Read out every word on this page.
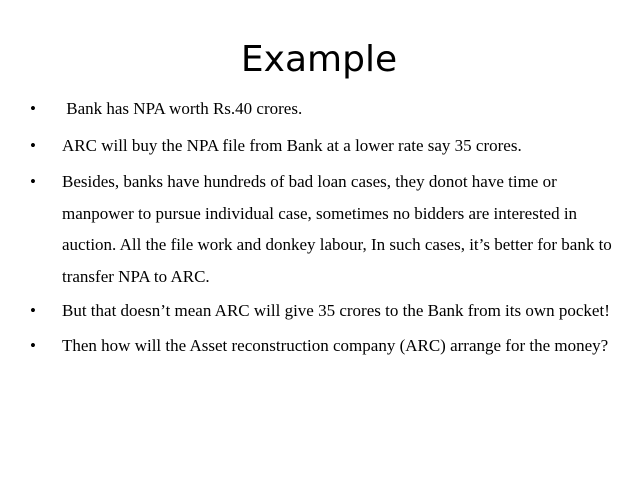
Example
•	Bank has NPA worth Rs.40 crores.
•	ARC will buy the NPA file from Bank at a lower rate say 35 crores.
•	Besides, banks have hundreds of bad loan cases, they donot have time or manpower to pursue individual case, sometimes no bidders are interested in auction. All the file work and donkey labour, In such cases, it’s better for bank to transfer NPA to ARC.
•	But that doesn’t mean ARC will give 35 crores to the Bank from its own pocket!
•	Then how will the Asset reconstruction company (ARC) arrange for the money?
